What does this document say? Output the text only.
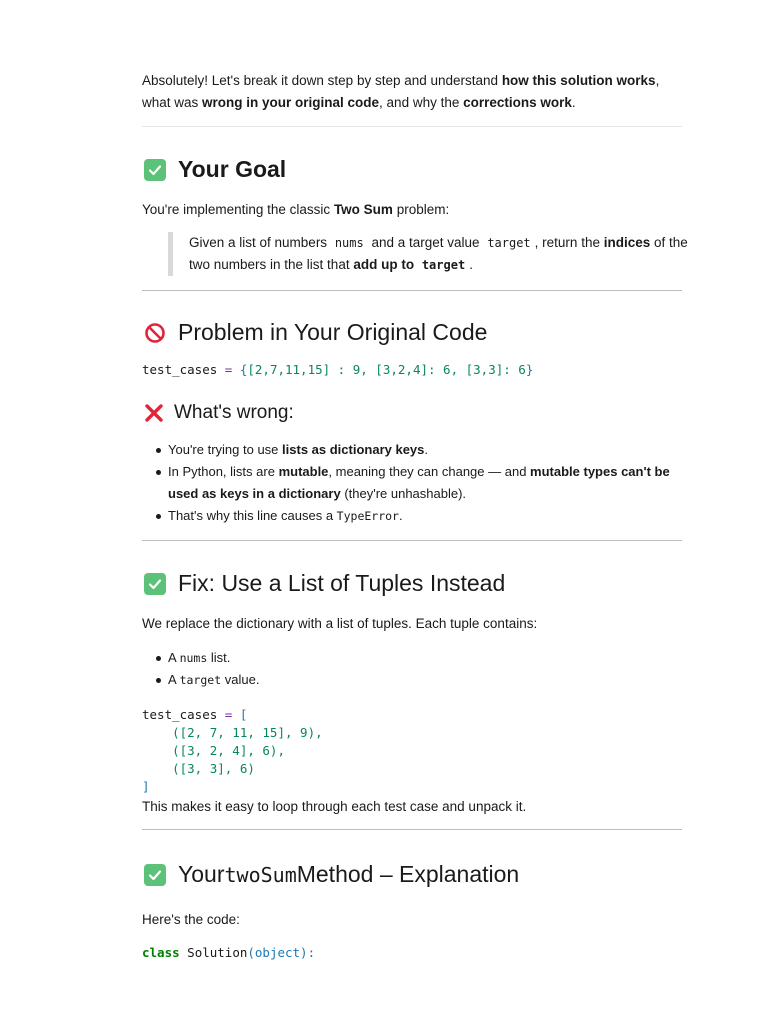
Absolutely! Let's break it down step by step and understand how this solution works, what was wrong in your original code, and why the corrections work.

Your Goal

You're implementing the classic Two Sum problem:

Given a list of numbers nums and a target value target , return the indices of the two numbers in the list that add up to target .
Problem in Your Original Code
test_cases = {[2,7,11,15] : 9, [3,2,4]: 6, [3,3]: 6}
What's wrong:
You're trying to use lists as dictionary keys.
In Python, lists are mutable, meaning they can change — and mutable types can't be used as keys in a dictionary (they're unhashable).
That's why this line causes a TypeError.
Fix: Use a List of Tuples Instead

We replace the dictionary with a list of tuples. Each tuple contains:

A nums list.
A target value.
test_cases = [
([2, 7, 11, 15], 9),
([3, 2, 4], 6),
([3, 3], 6)
]

This makes it easy to loop through each test case and unpack it.

Your twoSum Method – Explanation

Here's the code:

class Solution(object):
